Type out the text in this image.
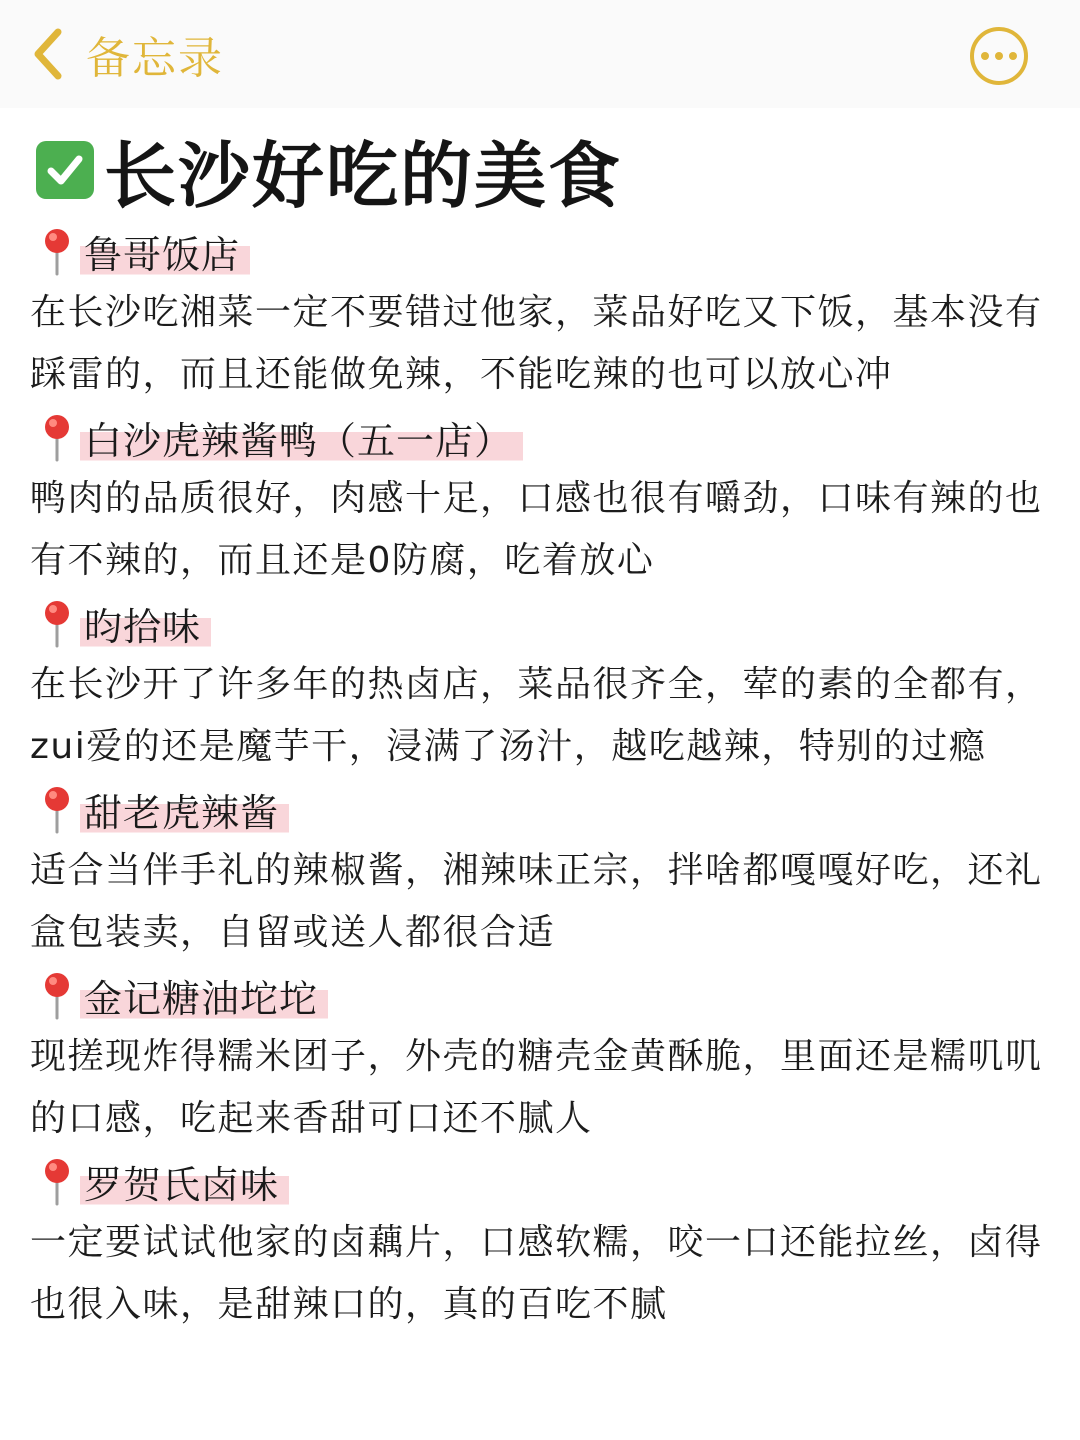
备忘录
长沙好吃的美食
鲁哥饭店

在长沙吃湘菜一定不要错过他家，菜品好吃又下饭，基本没有踩雷的，而且还能做免辣，不能吃辣的也可以放心冲

白沙虎辣酱鸭（五一店）

鸭肉的品质很好，肉感十足，口感也很有嚼劲，口味有辣的也有不辣的，而且还是0防腐，吃着放心

昀拾味

在长沙开了许多年的热卤店，菜品很齐全，荤的素的全都有，zui爱的还是魔芋干，浸满了汤汁，越吃越辣，特别的过瘾

甜老虎辣酱

适合当伴手礼的辣椒酱，湘辣味正宗，拌啥都嘎嘎好吃，还礼盒包装卖，自留或送人都很合适

金记糖油坨坨

现搓现炸得糯米团子，外壳的糖壳金黄酥脆，里面还是糯叽叽的口感，吃起来香甜可口还不腻人

罗贺氏卤味

一定要试试他家的卤藕片，口感软糯，咬一口还能拉丝，卤得也很入味，是甜辣口的，真的百吃不腻
